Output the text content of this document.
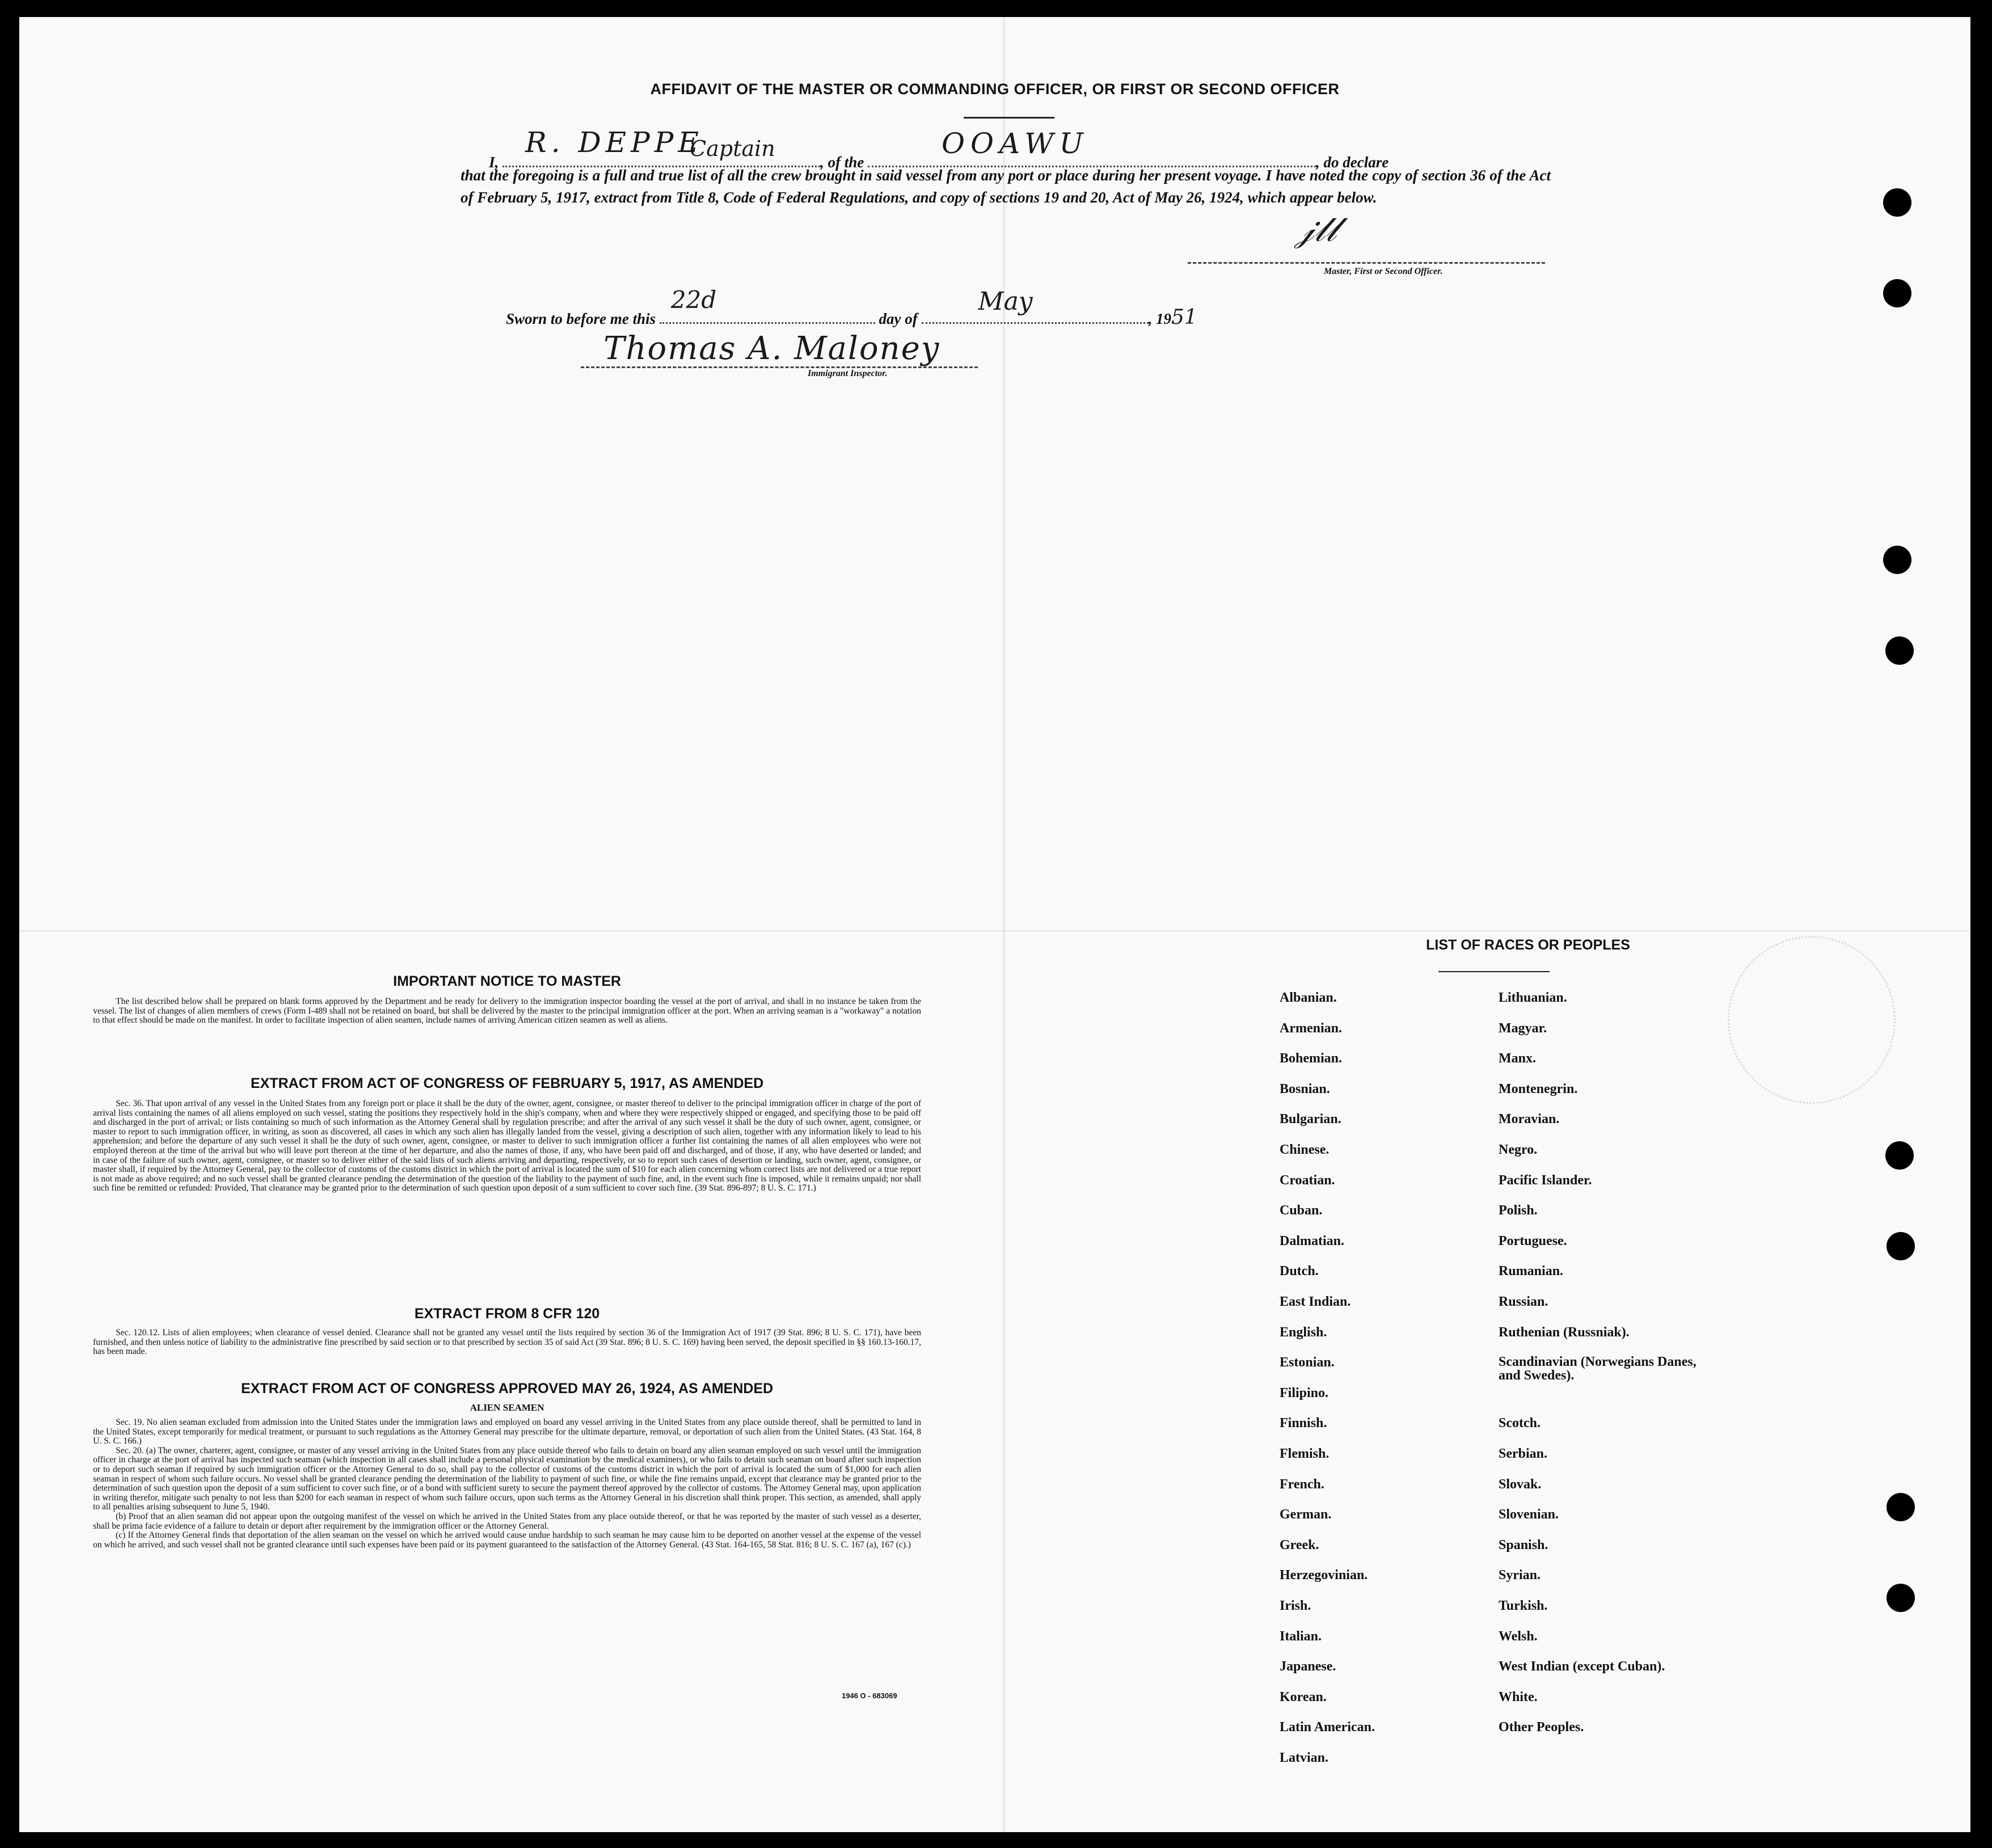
AFFIDAVIT OF THE MASTER OR COMMANDING OFFICER, OR FIRST OR SECOND OFFICER
I,
R. DEPPE
Captain
, of the
OOAWU
, do declare
that the foregoing is a full and true list of all the crew brought in said vessel from any port or place during her present voyage. I have noted the copy of section 36 of the Act of February 5, 1917, extract from Title 8, Code of Federal Regulations, and copy of sections 19 and 20, Act of May 26, 1924, which appear below.
𝒿𝓁𝓁
Master, First or Second Officer.
Sworn to before me this
22d
day of
May
, 1951
Thomas A. Maloney
Immigrant Inspector.
IMPORTANT NOTICE TO MASTER
The list described below shall be prepared on blank forms approved by the Department and be ready for delivery to the immigration inspector boarding the vessel at the port of arrival, and shall in no instance be taken from the vessel. The list of changes of alien members of crews (Form I-489 shall not be retained on board, but shall be delivered by the master to the principal immigration officer at the port. When an arriving seaman is a "workaway" a notation to that effect should be made on the manifest. In order to facilitate inspection of alien seamen, include names of arriving American citizen seamen as well as aliens.
EXTRACT FROM ACT OF CONGRESS OF FEBRUARY 5, 1917, AS AMENDED
Sec. 36. That upon arrival of any vessel in the United States from any foreign port or place it shall be the duty of the owner, agent, consignee, or master thereof to deliver to the principal immigration officer in charge of the port of arrival lists containing the names of all aliens employed on such vessel, stating the positions they respectively hold in the ship's company, when and where they were respectively shipped or engaged, and specifying those to be paid off and discharged in the port of arrival; or lists containing so much of such information as the Attorney General shall by regulation prescribe; and after the arrival of any such vessel it shall be the duty of such owner, agent, consignee, or master to report to such immigration officer, in writing, as soon as discovered, all cases in which any such alien has illegally landed from the vessel, giving a description of such alien, together with any information likely to lead to his apprehension; and before the departure of any such vessel it shall be the duty of such owner, agent, consignee, or master to deliver to such immigration officer a further list containing the names of all alien employees who were not employed thereon at the time of the arrival but who will leave port thereon at the time of her departure, and also the names of those, if any, who have been paid off and discharged, and of those, if any, who have deserted or landed; and in case of the failure of such owner, agent, consignee, or master so to deliver either of the said lists of such aliens arriving and departing, respectively, or so to report such cases of desertion or landing, such owner, agent, consignee, or master shall, if required by the Attorney General, pay to the collector of customs of the customs district in which the port of arrival is located the sum of $10 for each alien concerning whom correct lists are not delivered or a true report is not made as above required; and no such vessel shall be granted clearance pending the determination of the question of the liability to the payment of such fine, and, in the event such fine is imposed, while it remains unpaid; nor shall such fine be remitted or refunded: Provided, That clearance may be granted prior to the determination of such question upon deposit of a sum sufficient to cover such fine. (39 Stat. 896-897; 8 U. S. C. 171.)
EXTRACT FROM 8 CFR 120
Sec. 120.12. Lists of alien employees; when clearance of vessel denied. Clearance shall not be granted any vessel until the lists required by section 36 of the Immigration Act of 1917 (39 Stat. 896; 8 U. S. C. 171), have been furnished, and then unless notice of liability to the administrative fine prescribed by said section or to that prescribed by section 35 of said Act (39 Stat. 896; 8 U. S. C. 169) having been served, the deposit specified in §§ 160.13-160.17, has been made.
EXTRACT FROM ACT OF CONGRESS APPROVED MAY 26, 1924, AS AMENDED
ALIEN SEAMEN
Sec. 19. No alien seaman excluded from admission into the United States under the immigration laws and employed on board any vessel arriving in the United States from any place outside thereof, shall be permitted to land in the United States, except temporarily for medical treatment, or pursuant to such regulations as the Attorney General may prescribe for the ultimate departure, removal, or deportation of such alien from the United States. (43 Stat. 164, 8 U. S. C. 166.)
Sec. 20. (a) The owner, charterer, agent, consignee, or master of any vessel arriving in the United States from any place outside thereof who fails to detain on board any alien seaman employed on such vessel until the immigration officer in charge at the port of arrival has inspected such seaman (which inspection in all cases shall include a personal physical examination by the medical examiners), or who fails to detain such seaman on board after such inspection or to deport such seaman if required by such immigration officer or the Attorney General to do so, shall pay to the collector of customs of the customs district in which the port of arrival is located the sum of $1,000 for each alien seaman in respect of whom such failure occurs. No vessel shall be granted clearance pending the determination of the liability to payment of such fine, or while the fine remains unpaid, except that clearance may be granted prior to the determination of such question upon the deposit of a sum sufficient to cover such fine, or of a bond with sufficient surety to secure the payment thereof approved by the collector of customs. The Attorney General may, upon application in writing therefor, mitigate such penalty to not less than $200 for each seaman in respect of whom such failure occurs, upon such terms as the Attorney General in his discretion shall think proper. This section, as amended, shall apply to all penalties arising subsequent to June 5, 1940.
(b) Proof that an alien seaman did not appear upon the outgoing manifest of the vessel on which he arrived in the United States from any place outside thereof, or that he was reported by the master of such vessel as a deserter, shall be prima facie evidence of a failure to detain or deport after requirement by the immigration officer or the Attorney General.
(c) If the Attorney General finds that deportation of the alien seaman on the vessel on which he arrived would cause undue hardship to such seaman he may cause him to be deported on another vessel at the expense of the vessel on which he arrived, and such vessel shall not be granted clearance until such expenses have been paid or its payment guaranteed to the satisfaction of the Attorney General. (43 Stat. 164-165, 58 Stat. 816; 8 U. S. C. 167 (a), 167 (c).)
1946 O - 683069
LIST OF RACES OR PEOPLES
Albanian.
Armenian.
Bohemian.
Bosnian.
Bulgarian.
Chinese.
Croatian.
Cuban.
Dalmatian.
Dutch.
East Indian.
English.
Estonian.
Filipino.
Finnish.
Flemish.
French.
German.
Greek.
Herzegovinian.
Irish.
Italian.
Japanese.
Korean.
Latin American.
Latvian.
Lithuanian.
Magyar.
Manx.
Montenegrin.
Moravian.
Negro.
Pacific Islander.
Polish.
Portuguese.
Rumanian.
Russian.
Ruthenian (Russniak).
Scandinavian (Norwegians Danes, and Swedes).
Scotch.
Serbian.
Slovak.
Slovenian.
Spanish.
Syrian.
Turkish.
Welsh.
West Indian (except Cuban).
White.
Other Peoples.
